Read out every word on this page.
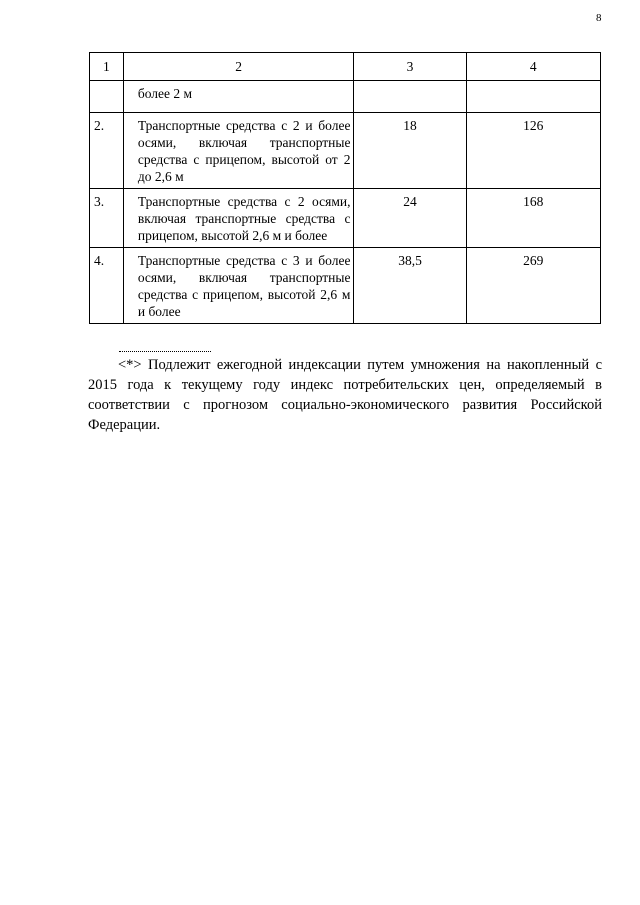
8
1	2	3	4
	более 2 м		
2.	Транспортные средства с 2 и более осями, включая транспортные средства с прицепом, высотой от 2 до 2,6 м	18	126
3.	Транспортные средства с 2 осями, включая транспортные средства с прицепом, высотой 2,6 м и более	24	168
4.	Транспортные средства с 3 и более осями, включая транспортные средства с прицепом, высотой 2,6 м и более	38,5	269
<*> Подлежит ежегодной индексации путем умножения на накопленный с 2015 года к текущему году индекс потребительских цен, определяемый в соответствии с прогнозом социально-экономического развития Российской Федерации.
